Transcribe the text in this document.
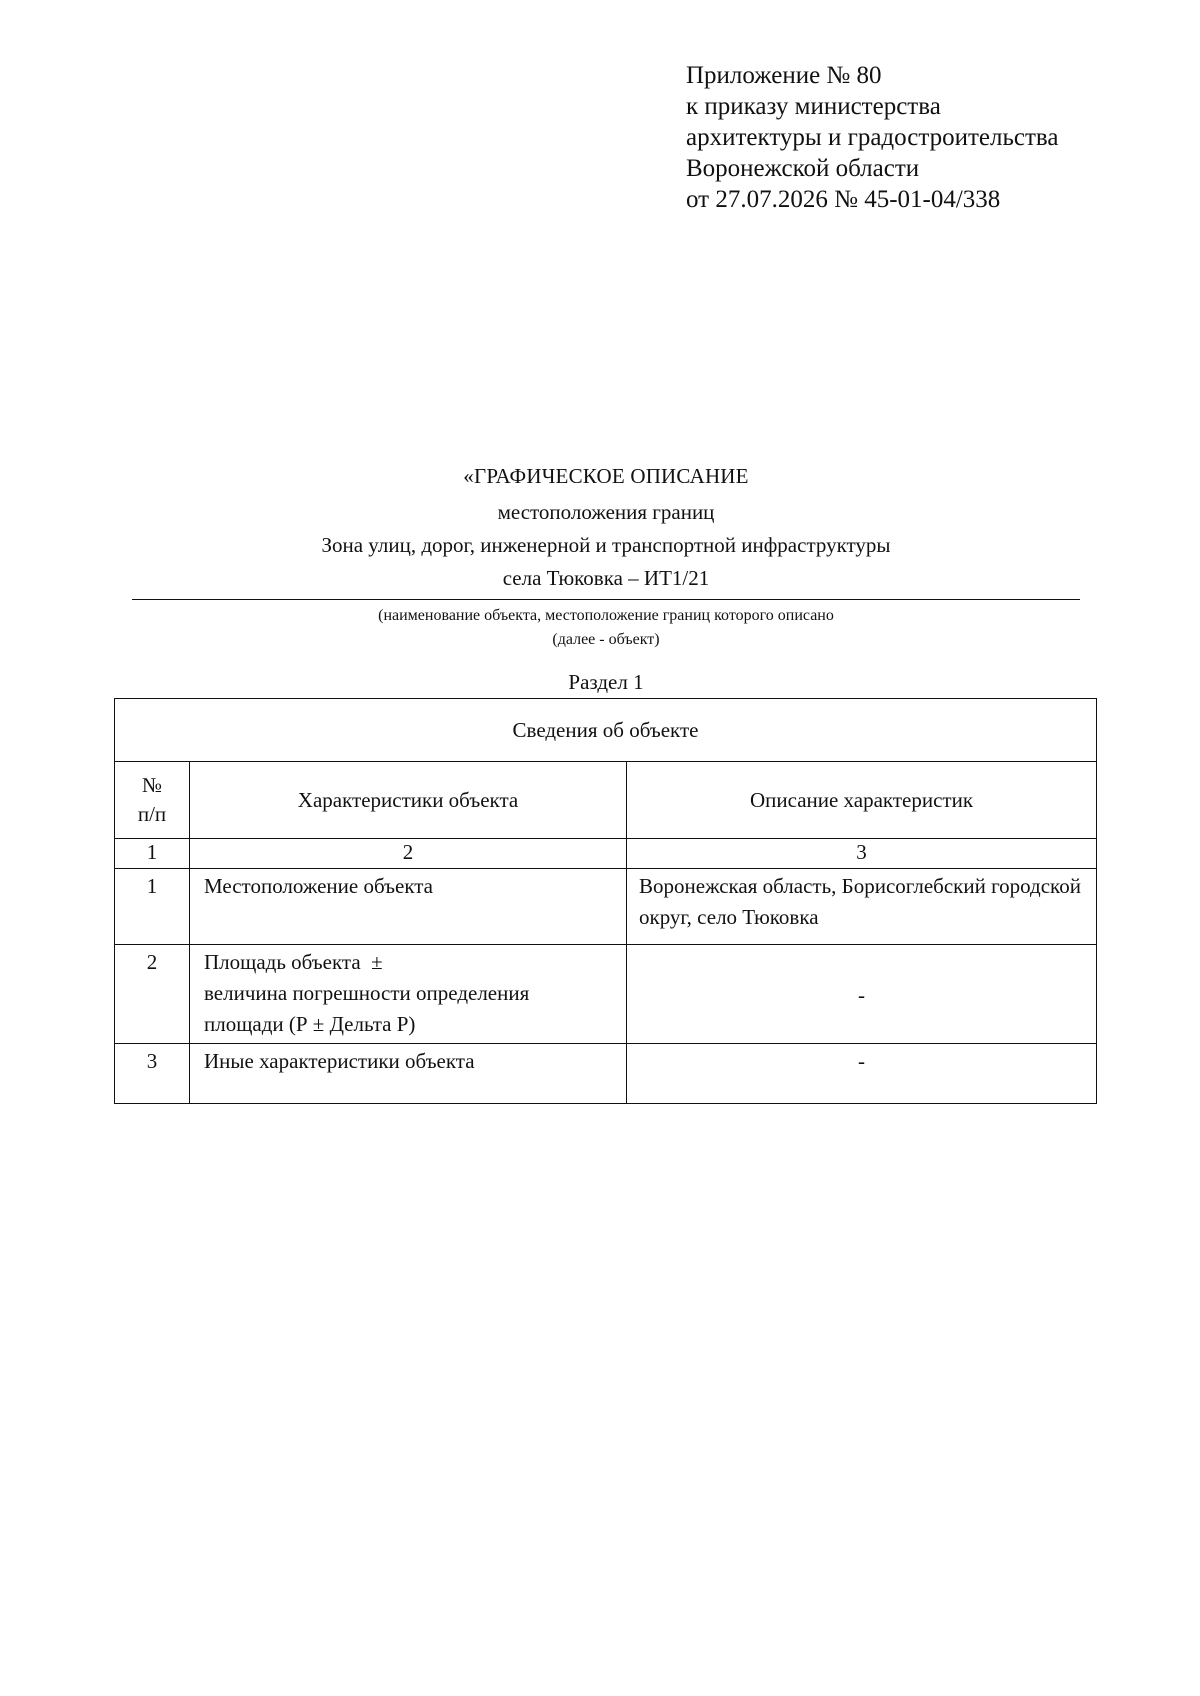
Приложение № 80
к приказу министерства
архитектуры и градостроительства
Воронежской области
от 27.07.2026 № 45-01-04/338
«ГРАФИЧЕСКОЕ ОПИСАНИЕ
местоположения границ
Зона улиц, дорог, инженерной и транспортной инфраструктуры
села Тюковка – ИТ1/21
(наименование объекта, местоположение границ которого описано
(далее - объект)
Раздел 1
Сведения об объекте		

№
п/п	Характеристики объекта	Описание характеристик
1	2	3
1	Местоположение объекта	Воронежская область, Борисоглебский городской округ, село Тюковка
2	Площадь объекта  ±
величина погрешности определения
площади (Р ± Дельта Р)	-
3	Иные характеристики объекта	-
